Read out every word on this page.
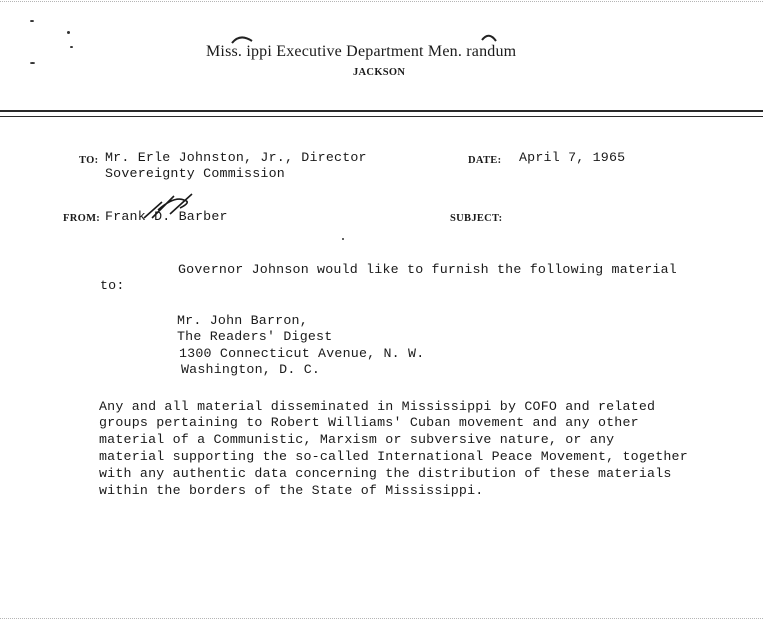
Miss. ippi Executive Department Men. randum
JACKSON
TO: Mr. Erle Johnston, Jr., Director
Sovereignty Commission
DATE: April 7, 1965
FROM: Frank D. Barber	SUBJECT:
Governor Johnson would like to furnish the following material
to:
Mr. John Barron,
The Readers' Digest
1300 Connecticut Avenue, N. W.
Washington, D. C.
Any and all material disseminated in Mississippi by COFO and related
groups pertaining to Robert Williams' Cuban movement and any other
material of a Communistic, Marxism or subversive nature, or any
material supporting the so-called International Peace Movement, together
with any authentic data concerning the distribution of these materials
within the borders of the State of Mississippi.
